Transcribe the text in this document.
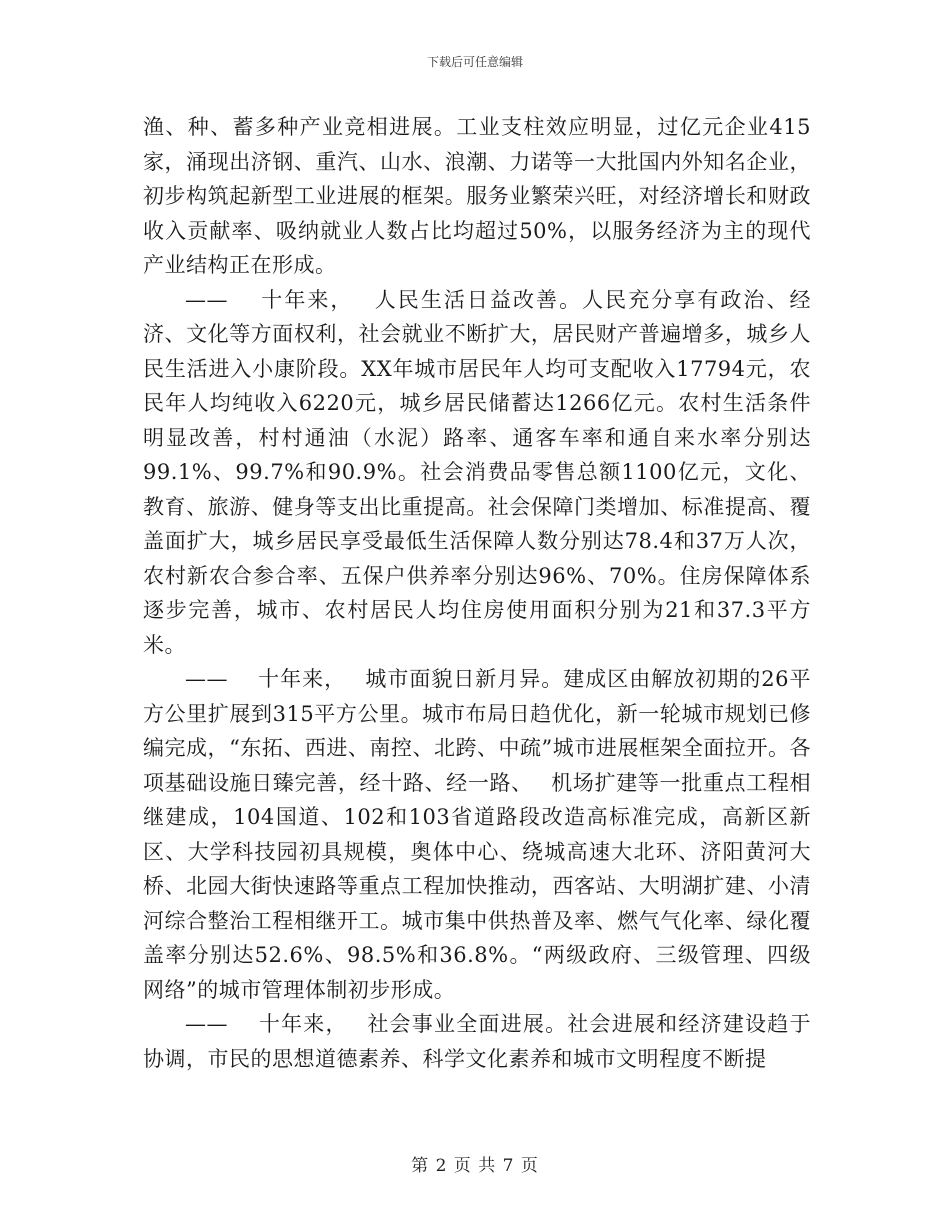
下载后可任意编辑

渔、种、蓄多种产业竞相进展。工业支柱效应明显，过亿元企业415家，涌现出济钢、重汽、山水、浪潮、力诺等一大批国内外知名企业，初步构筑起新型工业进展的框架。服务业繁荣兴旺，对经济增长和财政收入贡献率、吸纳就业人数占比均超过50%，以服务经济为主的现代产业结构正在形成。

——　 十年来，　 人民生活日益改善。人民充分享有政治、经济、文化等方面权利，社会就业不断扩大，居民财产普遍增多，城乡人民生活进入小康阶段。XX年城市居民年人均可支配收入17794元，农民年人均纯收入6220元，城乡居民储蓄达1266亿元。农村生活条件明显改善，村村通油（水泥）路率、通客车率和通自来水率分别达99.1%、99.7%和90.9%。社会消费品零售总额1100亿元，文化、教育、旅游、健身等支出比重提高。社会保障门类增加、标准提高、覆盖面扩大，城乡居民享受最低生活保障人数分别达78.4和37万人次，农村新农合参合率、五保户供养率分别达96%、70%。住房保障体系逐步完善，城市、农村居民人均住房使用面积分别为21和37.3平方米。

——　 十年来，　 城市面貌日新月异。建成区由解放初期的26平方公里扩展到315平方公里。城市布局日趋优化，新一轮城市规划已修编完成，“东拓、西进、南控、北跨、中疏”城市进展框架全面拉开。各项基础设施日臻完善，经十路、经一路、　 机场扩建等一批重点工程相继建成，104国道、102和103省道路段改造高标准完成，高新区新区、大学科技园初具规模，奥体中心、绕城高速大北环、济阳黄河大桥、北园大街快速路等重点工程加快推动，西客站、大明湖扩建、小清河综合整治工程相继开工。城市集中供热普及率、燃气气化率、绿化覆盖率分别达52.6%、98.5%和36.8%。“两级政府、三级管理、四级网络”的城市管理体制初步形成。

——　 十年来，　 社会事业全面进展。社会进展和经济建设趋于协调，市民的思想道德素养、科学文化素养和城市文明程度不断提

第 2 页 共 7 页
